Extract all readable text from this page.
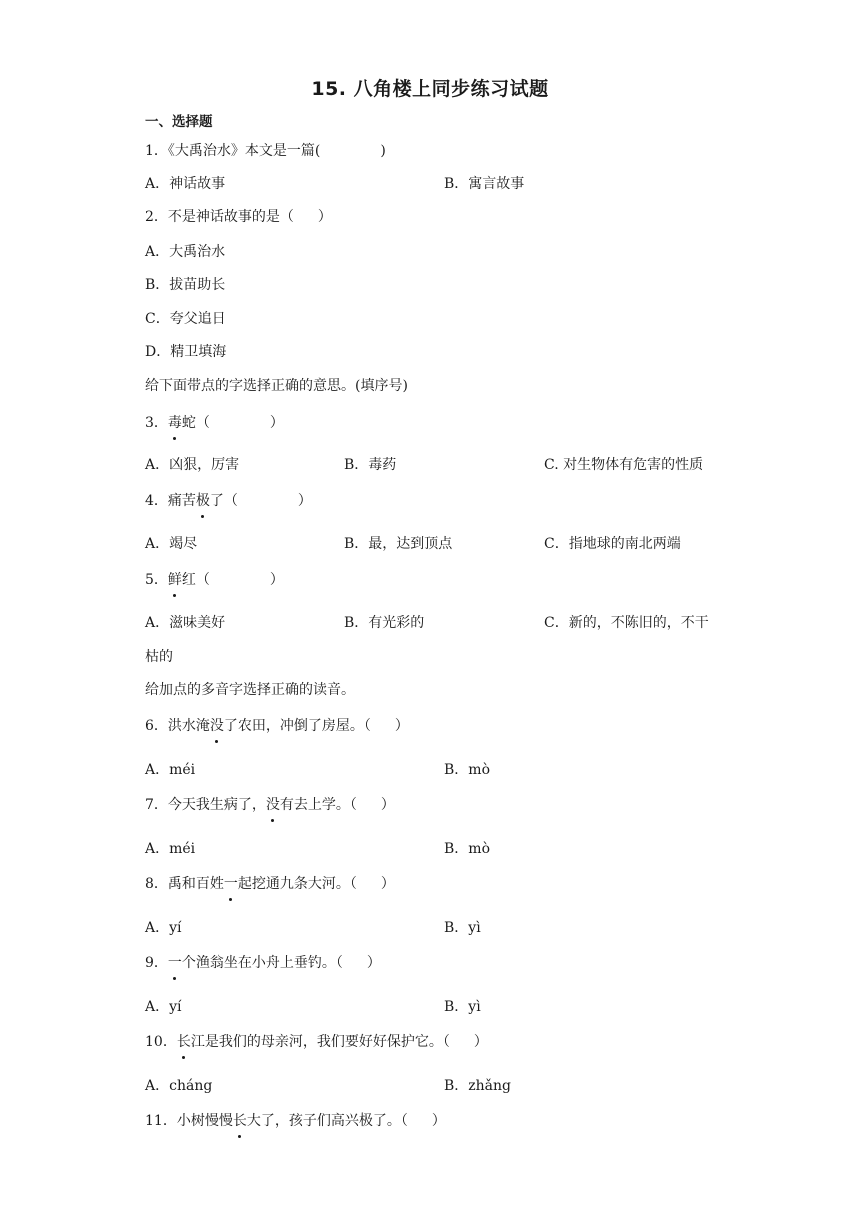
15. 八角楼上同步练习试题
一、选择题
1．《大禹治水》本文是一篇(	)
A．神话故事	B．寓言故事
2．不是神话故事的是（ ）
A．大禹治水
B．拔苗助长
C．夸父追日
D．精卫填海
给下面带点的字选择正确的意思。(填序号)
3．毒蛇（	）
A．凶狠，厉害	B．毒药	C. 对生物体有危害的性质
4．痛苦极了（	）
A．竭尽	B．最，达到顶点	C．指地球的南北两端
5．鲜红（	）
A．滋味美好	B．有光彩的	C．新的，不陈旧的，不干
枯的
给加点的多音字选择正确的读音。
6．洪水淹没了农田，冲倒了房屋。（ ）
A．méi	B．mò
7．今天我生病了，没有去上学。（ ）
A．méi	B．mò
8．禹和百姓一起挖通九条大河。（ ）
A．yí	B．yì
9．一个渔翁坐在小舟上垂钓。（ ）
A．yí	B．yì
10．长江是我们的母亲河，我们要好好保护它。（ ）
A．cháng	B．zhǎng
11．小树慢慢长大了，孩子们高兴极了。（ ）
